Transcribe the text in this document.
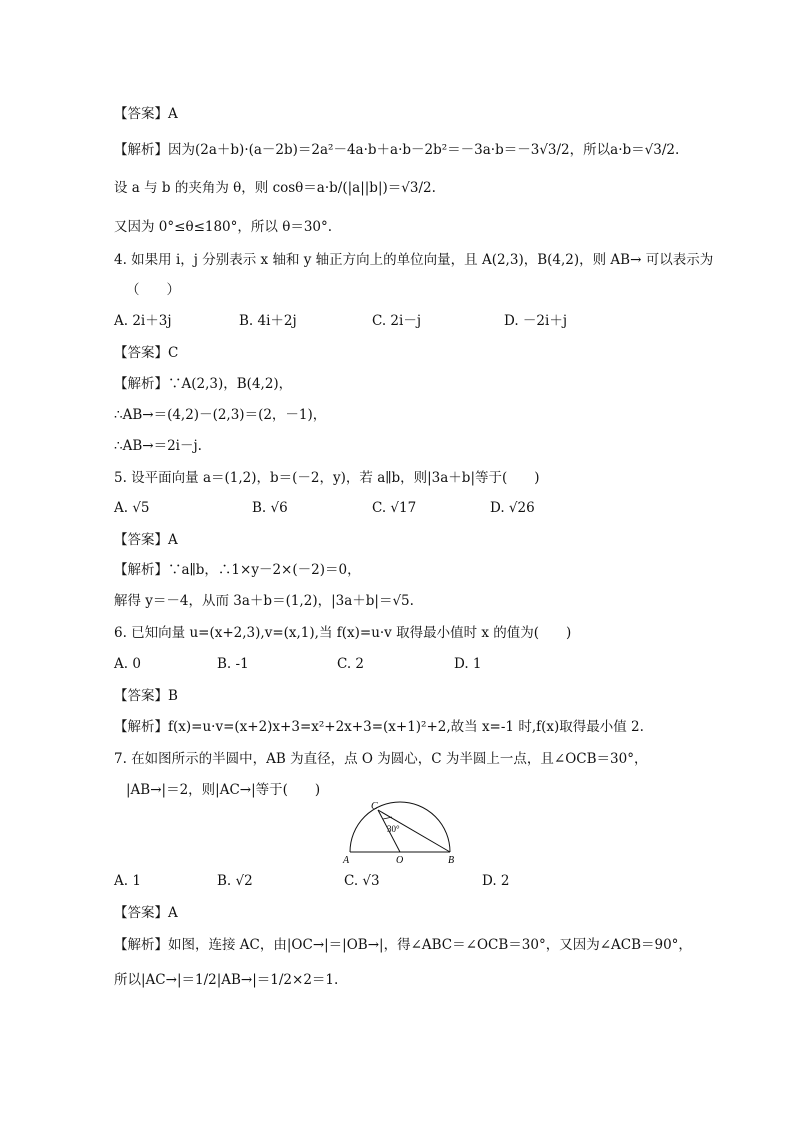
【答案】A
【解析】因为(2a＋b)·(a－2b)＝2a²－4a·b＋a·b－2b²＝－3a·b＝－3√3/2，所以a·b＝√3/2.
设 a 与 b 的夹角为 θ，则 cosθ＝a·b/(|a||b|)＝√3/2.
又因为 0°≤θ≤180°，所以 θ＝30°.
4. 如果用 i，j 分别表示 x 轴和 y 轴正方向上的单位向量，且 A(2,3)，B(4,2)，则 AB→ 可以表示为
（　　）
A. 2i＋3j	B. 4i＋2j	C. 2i－j	D. －2i＋j
【答案】C
【解析】∵A(2,3)，B(4,2)，
∴AB→＝(4,2)－(2,3)＝(2，－1)，
∴AB→＝2i－j.
5. 设平面向量 a＝(1,2)，b＝(－2，y)，若 a∥b，则|3a＋b|等于(　　)
A. √5	B. √6	C. √17	D. √26
【答案】A
【解析】∵a∥b，∴1×y－2×(－2)＝0，
解得 y＝－4，从而 3a＋b＝(1,2)，|3a＋b|＝√5.
6. 已知向量 u=(x+2,3),v=(x,1),当 f(x)=u·v 取得最小值时 x 的值为(　　)
A. 0	B. -1	C. 2	D. 1
【答案】B
【解析】f(x)=u·v=(x+2)x+3=x²+2x+3=(x+1)²+2,故当 x=-1 时,f(x)取得最小值 2.
7. 在如图所示的半圆中，AB 为直径，点 O 为圆心，C 为半圆上一点，且∠OCB＝30°，
|AB→|＝2，则|AC→|等于(　　)
C
30°
A	O	B
A. 1	B. √2	C. √3	D. 2
【答案】A
【解析】如图，连接 AC，由|OC→|＝|OB→|，得∠ABC＝∠OCB＝30°，又因为∠ACB＝90°，
所以|AC→|＝1/2|AB→|＝1/2×2＝1.
